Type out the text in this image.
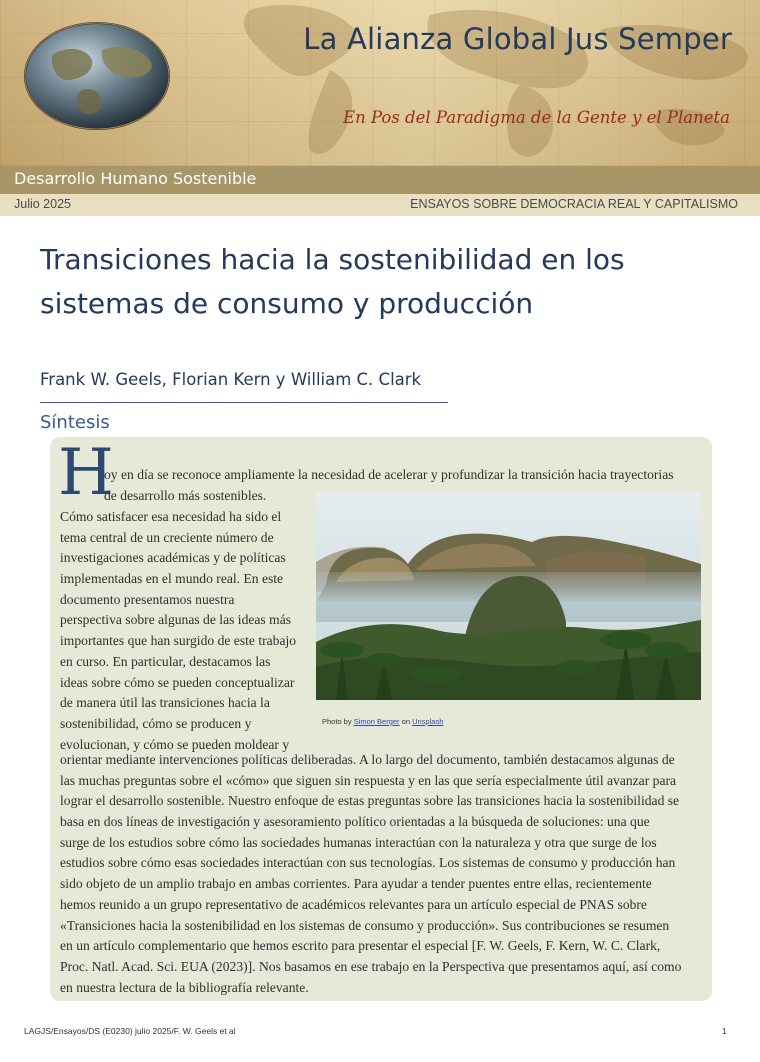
La Alianza Global Jus Semper
En Pos del Paradigma de la Gente y el Planeta
Desarrollo Humano Sostenible
Julio 2025	ENSAYOS SOBRE DEMOCRACIA REAL Y CAPITALISMO
Transiciones hacia la sostenibilidad en los
sistemas de consumo y producción
Frank W. Geels, Florian Kern y William C. Clark
Síntesis
H
oy en día se reconoce ampliamente la necesidad de acelerar y profundizar la transición hacia trayectorias
de desarrollo más sostenibles.
Cómo satisfacer esa necesidad ha sido el
tema central de un creciente número de
investigaciones académicas y de políticas
implementadas en el mundo real. En este
documento presentamos nuestra
perspectiva sobre algunas de las ideas más
importantes que han surgido de este trabajo
en curso. En particular, destacamos las
ideas sobre cómo se pueden conceptualizar
de manera útil las transiciones hacia la
sostenibilidad, cómo se producen y
evolucionan, y cómo se pueden moldear y
orientar mediante intervenciones políticas deliberadas. A lo largo del documento, también destacamos algunas de
las muchas preguntas sobre el «cómo» que siguen sin respuesta y en las que sería especialmente útil avanzar para
lograr el desarrollo sostenible. Nuestro enfoque de estas preguntas sobre las transiciones hacia la sostenibilidad se
basa en dos líneas de investigación y asesoramiento político orientadas a la búsqueda de soluciones: una que
surge de los estudios sobre cómo las sociedades humanas interactúan con la naturaleza y otra que surge de los
estudios sobre cómo esas sociedades interactúan con sus tecnologías. Los sistemas de consumo y producción han
sido objeto de un amplio trabajo en ambas corrientes. Para ayudar a tender puentes entre ellas, recientemente
hemos reunido a un grupo representativo de académicos relevantes para un artículo especial de PNAS sobre
«Transiciones hacia la sostenibilidad en los sistemas de consumo y producción». Sus contribuciones se resumen
en un artículo complementario que hemos escrito para presentar el especial [F. W. Geels, F. Kern, W. C. Clark,
Proc. Natl. Acad. Sci. EUA (2023)]. Nos basamos en ese trabajo en la Perspectiva que presentamos aquí, así como
en nuestra lectura de la bibliografía relevante.
Photo by Simon Berger on Unsplash
LAGJS/Ensayos/DS (E0230) julio 2025/F. W. Geels et al	1
